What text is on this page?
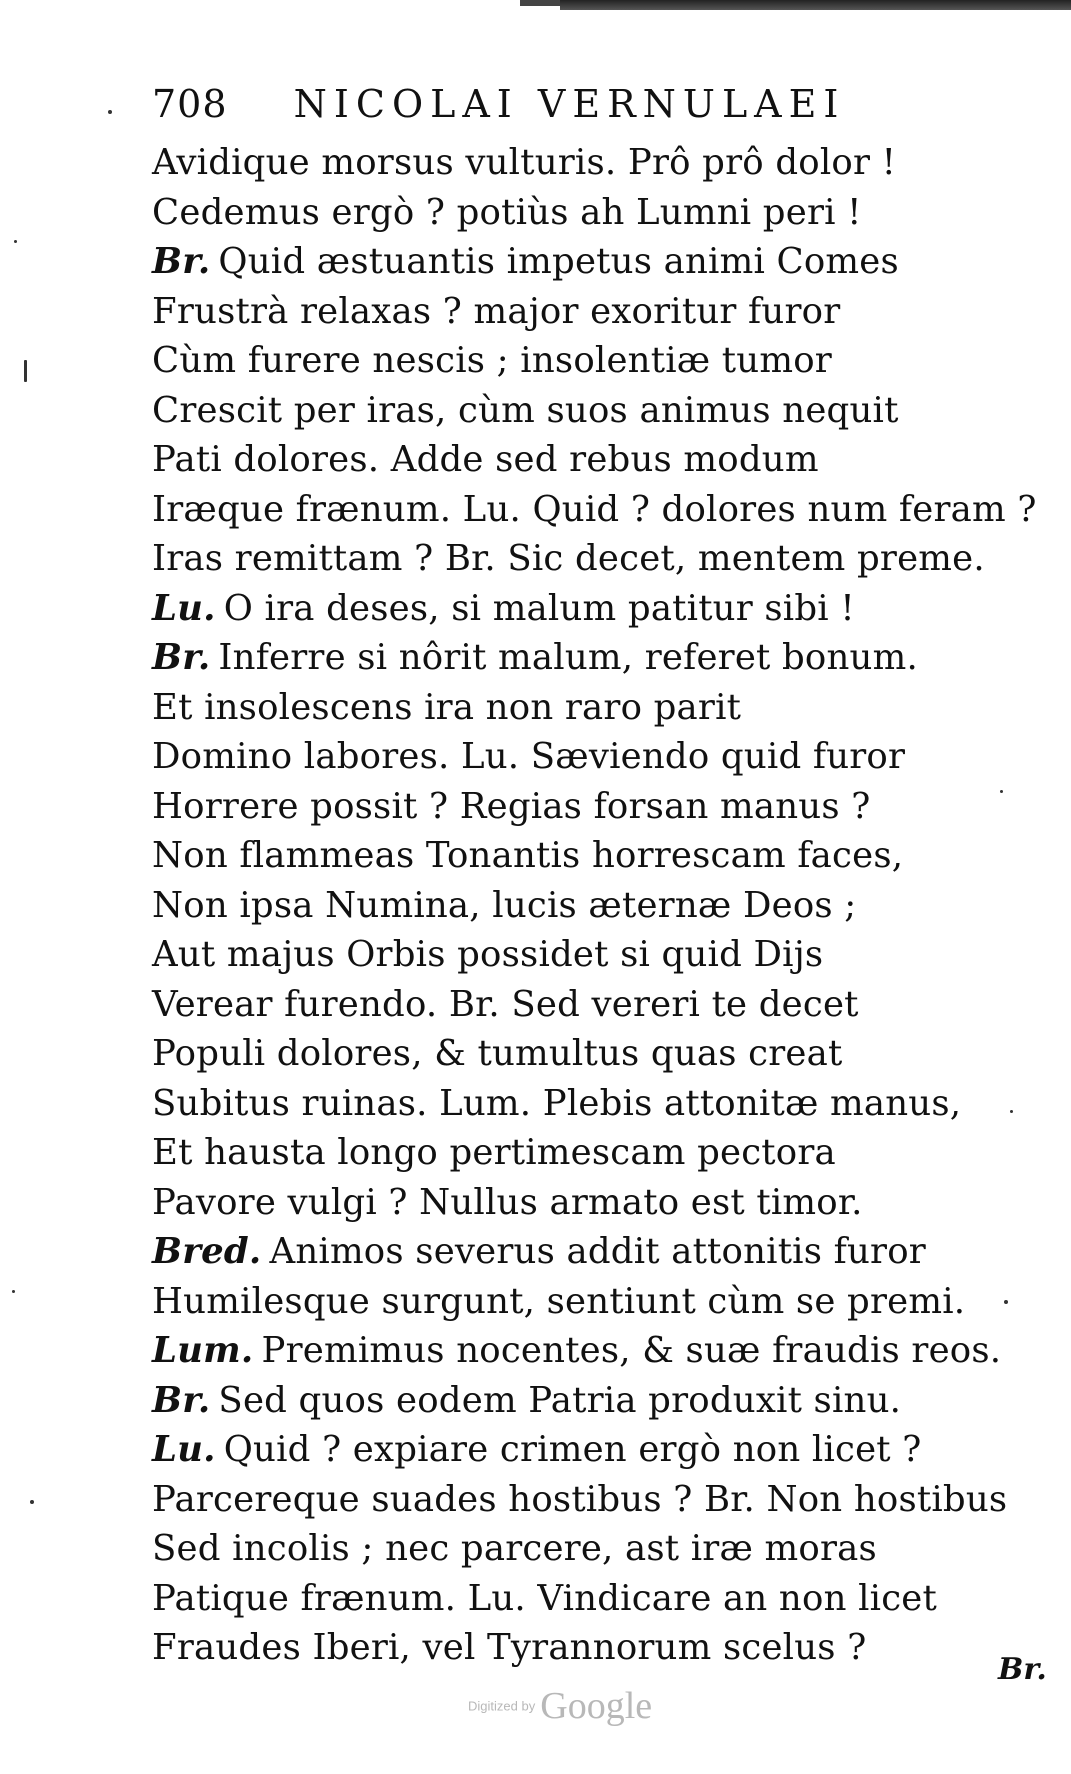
708 NICOLAI VERNULAEI
Avidique morsus vulturis. Prô prô dolor !
Cedemus ergò ? potiùs ah Lumni peri !
Br. Quid æstuantis impetus animi Comes
Frustrà relaxas ? major exoritur furor
Cùm furere nescis ; insolentiæ tumor
Crescit per iras, cùm suos animus nequit
Pati dolores. Adde sed rebus modum
Iræque frænum. Lu. Quid ? dolores num feram ?
Iras remittam ? Br. Sic decet, mentem preme.
Lu. O ira deses, si malum patitur sibi !
Br. Inferre si nôrit malum, referet bonum.
Et insolescens ira non raro parit
Domino labores. Lu. Sæviendo quid furor
Horrere possit ? Regias forsan manus ?
Non flammeas Tonantis horrescam faces,
Non ipsa Numina, lucis æternæ Deos ;
Aut majus Orbis possidet si quid Dijs
Verear furendo. Br. Sed vereri te decet
Populi dolores, & tumultus quas creat
Subitus ruinas. Lum. Plebis attonitæ manus,
Et hausta longo pertimescam pectora
Pavore vulgi ? Nullus armato est timor.
Bred. Animos severus addit attonitis furor
Humilesque surgunt, sentiunt cùm se premi.
Lum. Premimus nocentes, & suæ fraudis reos.
Br. Sed quos eodem Patria produxit sinu.
Lu. Quid ? expiare crimen ergò non licet ?
Parcereque suades hostibus ? Br. Non hostibus
Sed incolis ; nec parcere, ast iræ moras
Patique frænum. Lu. Vindicare an non licet
Fraudes Iberi, vel Tyrannorum scelus ?
Br.
Digitized by Google
